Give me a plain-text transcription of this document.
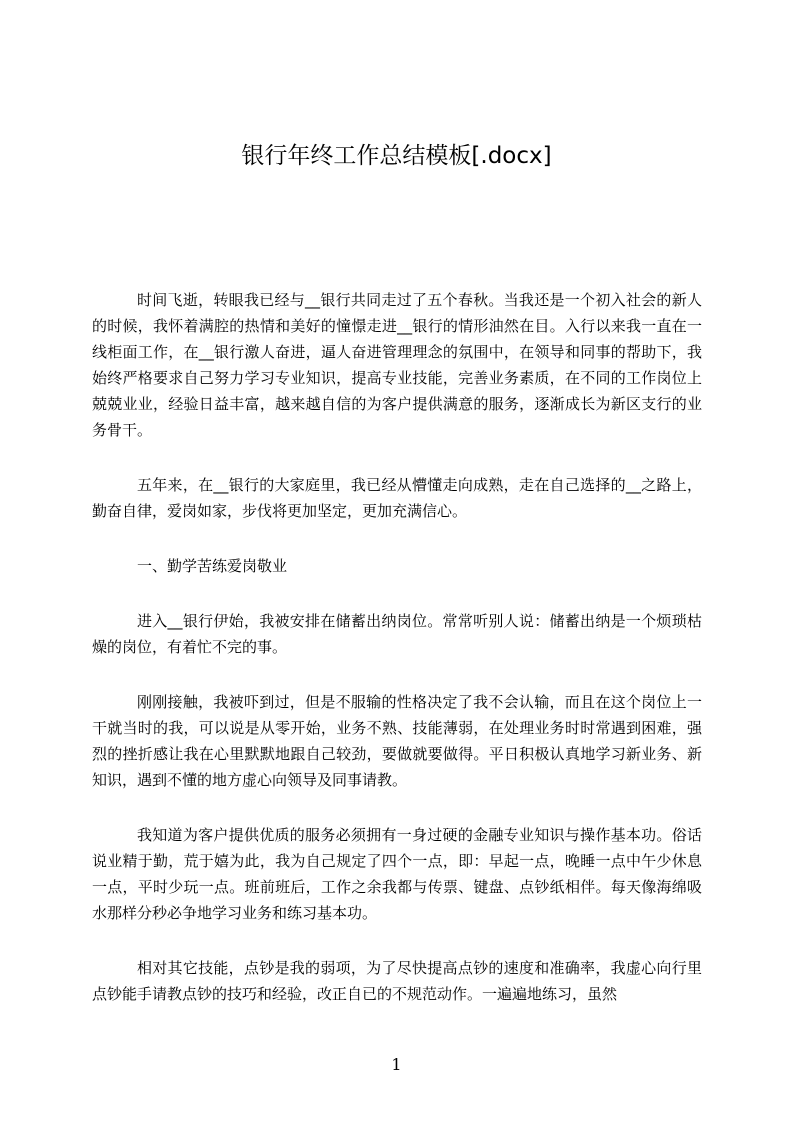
银行年终工作总结模板[.docx]

时间飞逝，转眼我已经与__银行共同走过了五个春秋。当我还是一个初入社会的新人的时候，我怀着满腔的热情和美好的憧憬走进__银行的情形油然在目。入行以来我一直在一线柜面工作，在__银行激人奋进，逼人奋进管理理念的氛围中，在领导和同事的帮助下，我始终严格要求自己努力学习专业知识，提高专业技能，完善业务素质，在不同的工作岗位上兢兢业业，经验日益丰富，越来越自信的为客户提供满意的服务，逐渐成长为新区支行的业务骨干。

五年来，在__银行的大家庭里，我已经从懵懂走向成熟，走在自己选择的__之路上，勤奋自律，爱岗如家，步伐将更加坚定，更加充满信心。

一、勤学苦练爱岗敬业

进入__银行伊始，我被安排在储蓄出纳岗位。常常听别人说：储蓄出纳是一个烦琐枯燥的岗位，有着忙不完的事。

刚刚接触，我被吓到过，但是不服输的性格决定了我不会认输，而且在这个岗位上一干就当时的我，可以说是从零开始，业务不熟、技能薄弱，在处理业务时时常遇到困难，强烈的挫折感让我在心里默默地跟自己较劲，要做就要做得。平日积极认真地学习新业务、新知识，遇到不懂的地方虚心向领导及同事请教。

我知道为客户提供优质的服务必须拥有一身过硬的金融专业知识与操作基本功。俗话说业精于勤，荒于嬉为此，我为自己规定了四个一点，即：早起一点，晚睡一点中午少休息一点，平时少玩一点。班前班后，工作之余我都与传票、键盘、点钞纸相伴。每天像海绵吸水那样分秒必争地学习业务和练习基本功。

相对其它技能，点钞是我的弱项，为了尽快提高点钞的速度和准确率，我虚心向行里点钞能手请教点钞的技巧和经验，改正自已的不规范动作。一遍遍地练习，虽然

1
